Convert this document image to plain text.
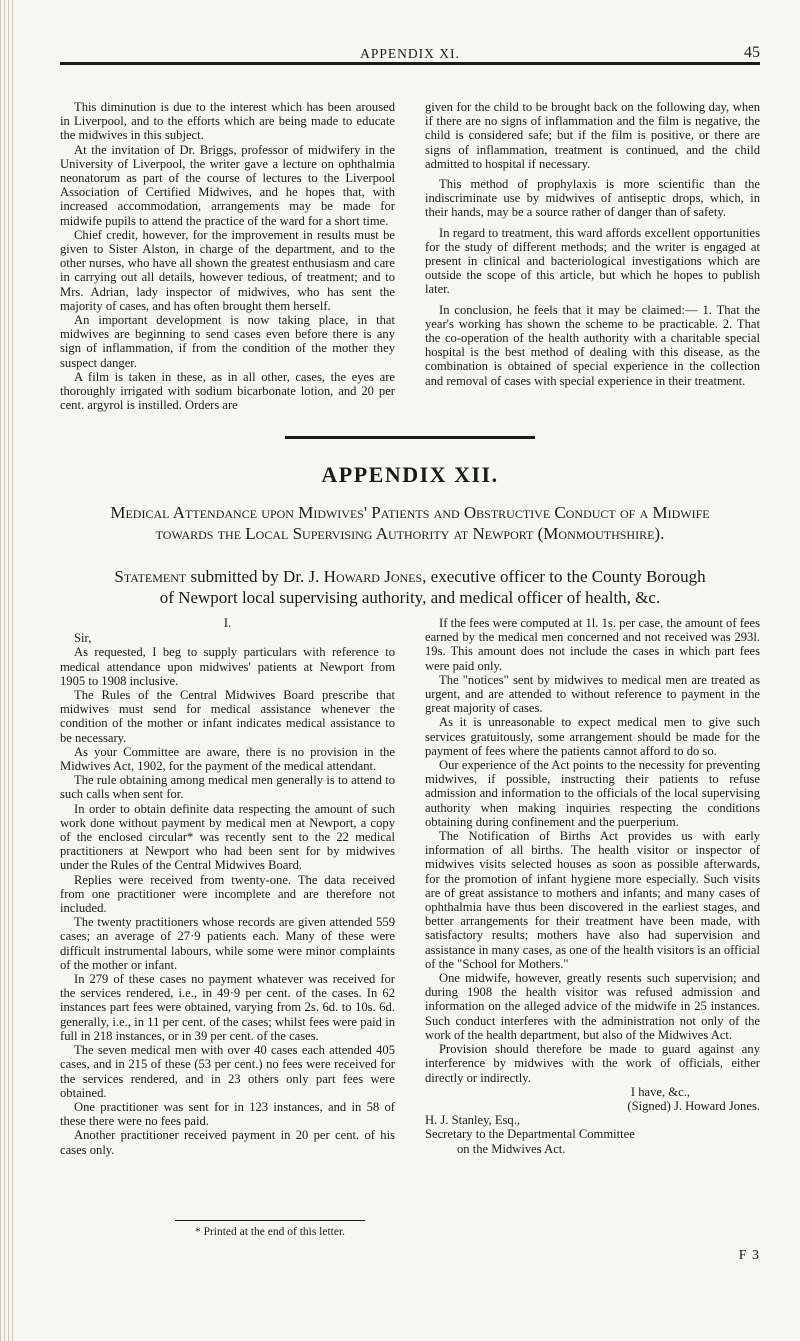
APPENDIX XI.	45

This diminution is due to the interest which has been aroused in Liverpool, and to the efforts which are being made to educate the midwives in this subject.

At the invitation of Dr. Briggs, professor of midwifery in the University of Liverpool, the writer gave a lecture on ophthalmia neonatorum as part of the course of lectures to the Liverpool Association of Certified Midwives, and he hopes that, with increased accommodation, arrangements may be made for midwife pupils to attend the practice of the ward for a short time.

Chief credit, however, for the improvement in results must be given to Sister Alston, in charge of the department, and to the other nurses, who have all shown the greatest enthusiasm and care in carrying out all details, however tedious, of treatment; and to Mrs. Adrian, lady inspector of midwives, who has sent the majority of cases, and has often brought them herself.

An important development is now taking place, in that midwives are beginning to send cases even before there is any sign of inflammation, if from the condition of the mother they suspect danger.

A film is taken in these, as in all other, cases, the eyes are thoroughly irrigated with sodium bicarbonate lotion, and 20 per cent. argyrol is instilled. Orders are

given for the child to be brought back on the following day, when if there are no signs of inflammation and the film is negative, the child is considered safe; but if the film is positive, or there are signs of inflammation, treatment is continued, and the child admitted to hospital if necessary.

This method of prophylaxis is more scientific than the indiscriminate use by midwives of antiseptic drops, which, in their hands, may be a source rather of danger than of safety.

In regard to treatment, this ward affords excellent opportunities for the study of different methods; and the writer is engaged at present in clinical and bacteriological investigations which are outside the scope of this article, but which he hopes to publish later.

In conclusion, he feels that it may be claimed:— 1. That the year's working has shown the scheme to be practicable. 2. That the co-operation of the health authority with a charitable special hospital is the best method of dealing with this disease, as the combination is obtained of special experience in the collection and removal of cases with special experience in their treatment.

APPENDIX XII.
Medical Attendance upon Midwives' Patients and Obstructive Conduct of a Midwife
towards the Local Supervising Authority at Newport (Monmouthshire).
Statement submitted by Dr. J. Howard Jones, executive officer to the County Borough
of Newport local supervising authority, and medical officer of health, &c.
I.

Sir,

As requested, I beg to supply particulars with reference to medical attendance upon midwives' patients at Newport from 1905 to 1908 inclusive.

The Rules of the Central Midwives Board prescribe that midwives must send for medical assistance whenever the condition of the mother or infant indicates medical assistance to be necessary.

As your Committee are aware, there is no provision in the Midwives Act, 1902, for the payment of the medical attendant.

The rule obtaining among medical men generally is to attend to such calls when sent for.

In order to obtain definite data respecting the amount of such work done without payment by medical men at Newport, a copy of the enclosed circular* was recently sent to the 22 medical practitioners at Newport who had been sent for by midwives under the Rules of the Central Midwives Board.

Replies were received from twenty-one. The data received from one practitioner were incomplete and are therefore not included.

The twenty practitioners whose records are given attended 559 cases; an average of 27·9 patients each. Many of these were difficult instrumental labours, while some were minor complaints of the mother or infant.

In 279 of these cases no payment whatever was received for the services rendered, i.e., in 49·9 per cent. of the cases. In 62 instances part fees were obtained, varying from 2s. 6d. to 10s. 6d. generally, i.e., in 11 per cent. of the cases; whilst fees were paid in full in 218 instances, or in 39 per cent. of the cases.

The seven medical men with over 40 cases each attended 405 cases, and in 215 of these (53 per cent.) no fees were received for the services rendered, and in 23 others only part fees were obtained.

One practitioner was sent for in 123 instances, and in 58 of these there were no fees paid.

Another practitioner received payment in 20 per cent. of his cases only.

If the fees were computed at 1l. 1s. per case, the amount of fees earned by the medical men concerned and not received was 293l. 19s. This amount does not include the cases in which part fees were paid only.

The "notices" sent by midwives to medical men are treated as urgent, and are attended to without reference to payment in the great majority of cases.

As it is unreasonable to expect medical men to give such services gratuitously, some arrangement should be made for the payment of fees where the patients cannot afford to do so.

Our experience of the Act points to the necessity for preventing midwives, if possible, instructing their patients to refuse admission and information to the officials of the local supervising authority when making inquiries respecting the conditions obtaining during confinement and the puerperium.

The Notification of Births Act provides us with early information of all births. The health visitor or inspector of midwives visits selected houses as soon as possible afterwards, for the promotion of infant hygiene more especially. Such visits are of great assistance to mothers and infants; and many cases of ophthalmia have thus been discovered in the earliest stages, and better arrangements for their treatment have been made, with satisfactory results; mothers have also had supervision and assistance in many cases, as one of the health visitors is an official of the "School for Mothers."

One midwife, however, greatly resents such supervision; and during 1908 the health visitor was refused admission and information on the alleged advice of the midwife in 25 instances. Such conduct interferes with the administration not only of the work of the health department, but also of the Midwives Act.

Provision should therefore be made to guard against any interference by midwives with the work of officials, either directly or indirectly.

I have, &c.,

(Signed) J. Howard Jones.

H. J. Stanley, Esq.,

Secretary to the Departmental Committee

on the Midwives Act.

* Printed at the end of this letter.
F 3
